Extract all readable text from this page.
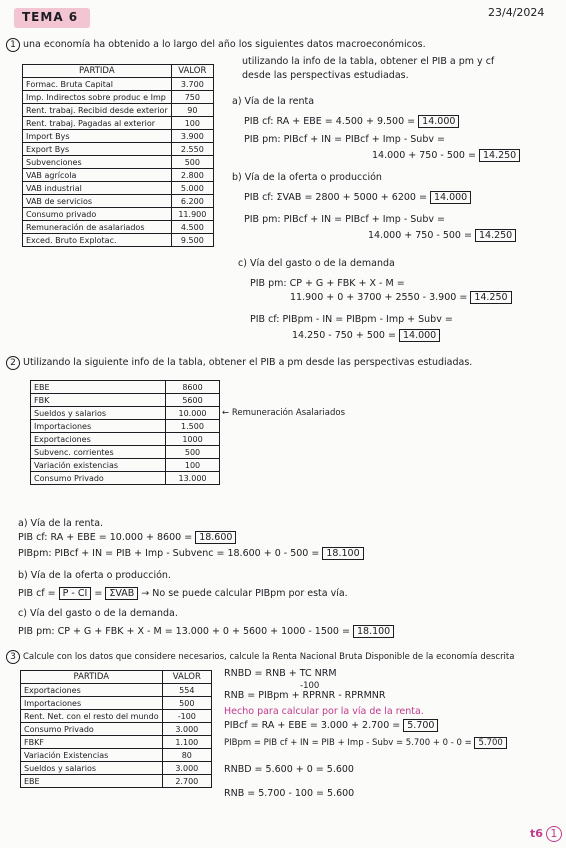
TEMA 6	23/4/2024
1 una economía ha obtenido a lo largo del año los siguientes datos macroeconómicos.
utilizando la info de la tabla, obtener el PIB a pm y cf
desde las perspectivas estudiadas.
PARTIDA	VALOR
Formac. Bruta Capital	3.700
Imp. Indirectos sobre produc e Imp	750
Rent. trabaj. Recibid desde exterior	90
Rent. trabaj. Pagadas al exterior	100
Import Bys	3.900
Export Bys	2.550
Subvenciones	500
VAB agrícola	2.800
VAB industrial	5.000
VAB de servicios	6.200
Consumo privado	11.900
Remuneración de asalariados	4.500
Exced. Bruto Explotac.	9.500
a) Vía de la renta
PIB cf: RA + EBE = 4.500 + 9.500 = 14.000
PIB pm: PIBcf + IN = PIBcf + Imp - Subv =
14.000 + 750 - 500 = 14.250
b) Vía de la oferta o producción
PIB cf: ΣVAB = 2800 + 5000 + 6200 = 14.000
PIB pm: PIBcf + IN = PIBcf + Imp - Subv =
14.000 + 750 - 500 = 14.250
c) Vía del gasto o de la demanda
PIB pm: CP + G + FBK + X - M =
11.900 + 0 + 3700 + 2550 - 3.900 = 14.250
PIB cf: PIBpm - IN = PIBpm - Imp + Subv =
14.250 - 750 + 500 = 14.000
2 Utilizando la siguiente info de la tabla, obtener el PIB a pm desde las perspectivas estudiadas.
EBE	8600
FBK	5600
Sueldos y salarios	10.000
Importaciones	1.500
Exportaciones	1000
Subvenc. corrientes	500
Variación existencias	100
Consumo Privado	13.000
← Remuneración Asalariados
a) Vía de la renta.
PIB cf: RA + EBE = 10.000 + 8600 = 18.600
PIBpm: PIBcf + IN = PIB + Imp - Subvenc = 18.600 + 0 - 500 = 18.100
b) Vía de la oferta o producción.
PIB cf = P - CI = ΣVAB → No se puede calcular PIBpm por esta vía.
c) Vía del gasto o de la demanda.
PIB pm: CP + G + FBK + X - M = 13.000 + 0 + 5600 + 1000 - 1500 = 18.100
3 Calcule con los datos que considere necesarios, calcule la Renta Nacional Bruta Disponible de la economía descrita
PARTIDA	VALOR
Exportaciones	554
Importaciones	500
Rent. Net. con el resto del mundo	-100
Consumo Privado	3.000
FBKF	1.100
Variación Existencias	80
Sueldos y salarios	3.000
EBE	2.700
RNBD = RNB + TC NRM
-100
RNB = PIBpm + RPRNR - RPRMNR
Hecho para calcular por la vía de la renta.
PIBcf = RA + EBE = 3.000 + 2.700 = 5.700
PIBpm = PIB cf + IN = PIB + Imp - Subv = 5.700 + 0 - 0 = 5.700
RNBD = 5.600 + 0 = 5.600
RNB = 5.700 - 100 = 5.600
t6 1
